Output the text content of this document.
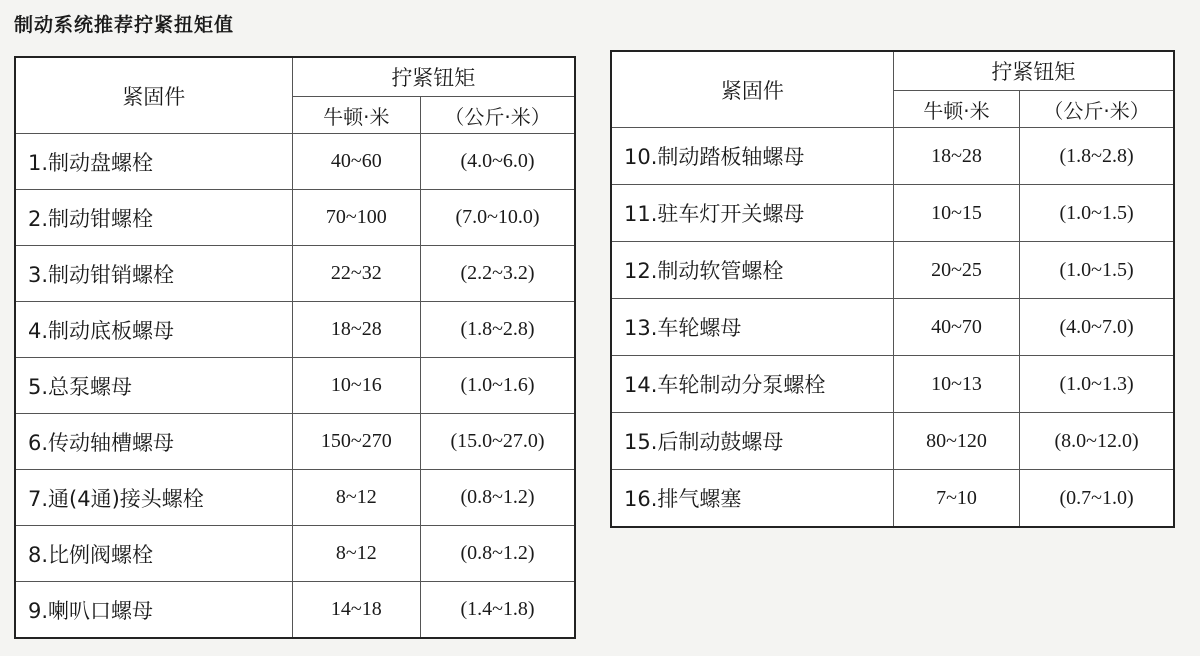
制动系统推荐拧紧扭矩值
紧固件	拧紧钮矩	
	牛顿·米	（公斤·米）
1.制动盘螺栓	40~60	(4.0~6.0)
2.制动钳螺栓	70~100	(7.0~10.0)
3.制动钳销螺栓	22~32	(2.2~3.2)
4.制动底板螺母	18~28	(1.8~2.8)
5.总泵螺母	10~16	(1.0~1.6)
6.传动轴槽螺母	150~270	(15.0~27.0)
7.通(4通)接头螺栓	8~12	(0.8~1.2)
8.比例阀螺栓	8~12	(0.8~1.2)
9.喇叭口螺母	14~18	(1.4~1.8)
紧固件	拧紧钮矩	
	牛顿·米	（公斤·米）
10.制动踏板轴螺母	18~28	(1.8~2.8)
11.驻车灯开关螺母	10~15	(1.0~1.5)
12.制动软管螺栓	20~25	(1.0~1.5)
13.车轮螺母	40~70	(4.0~7.0)
14.车轮制动分泵螺栓	10~13	(1.0~1.3)
15.后制动鼓螺母	80~120	(8.0~12.0)
16.排气螺塞	7~10	(0.7~1.0)
